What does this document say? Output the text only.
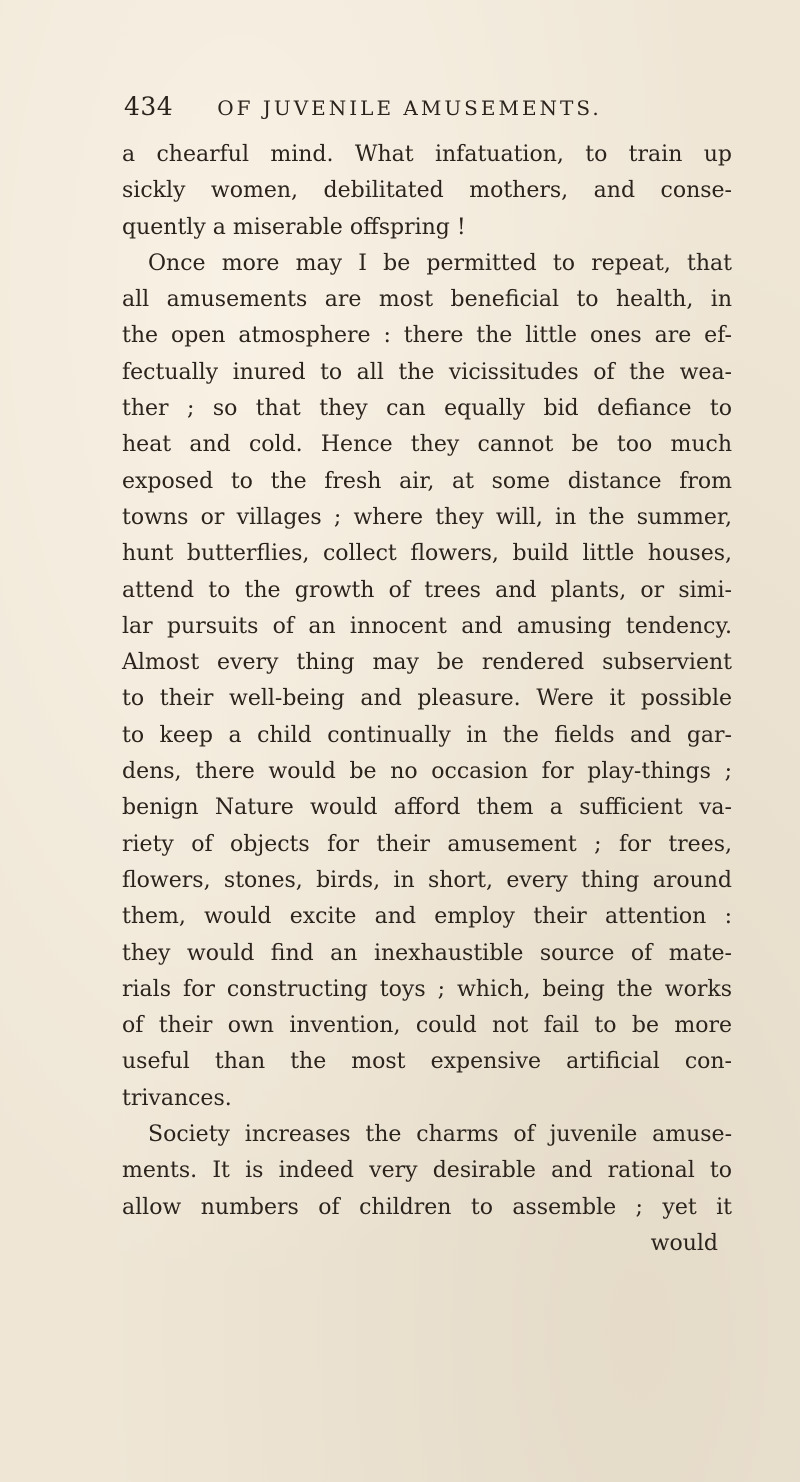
434 OF JUVENILE AMUSEMENTS.
a chearful mind. What infatuation, to train up
sickly women, debilitated mothers, and conse-
quently a miserable offspring !
Once more may I be permitted to repeat, that
all amusements are most beneficial to health, in
the open atmosphere : there the little ones are ef-
fectually inured to all the vicissitudes of the wea-
ther ; so that they can equally bid defiance to
heat and cold. Hence they cannot be too much
exposed to the fresh air, at some distance from
towns or villages ; where they will, in the summer,
hunt butterflies, collect flowers, build little houses,
attend to the growth of trees and plants, or simi-
lar pursuits of an innocent and amusing tendency.
Almost every thing may be rendered subservient
to their well-being and pleasure. Were it possible
to keep a child continually in the fields and gar-
dens, there would be no occasion for play-things ;
benign Nature would afford them a sufficient va-
riety of objects for their amusement ; for trees,
flowers, stones, birds, in short, every thing around
them, would excite and employ their attention :
they would find an inexhaustible source of mate-
rials for constructing toys ; which, being the works
of their own invention, could not fail to be more
useful than the most expensive artificial con-
trivances.
Society increases the charms of juvenile amuse-
ments. It is indeed very desirable and rational to
allow numbers of children to assemble ; yet it
would
